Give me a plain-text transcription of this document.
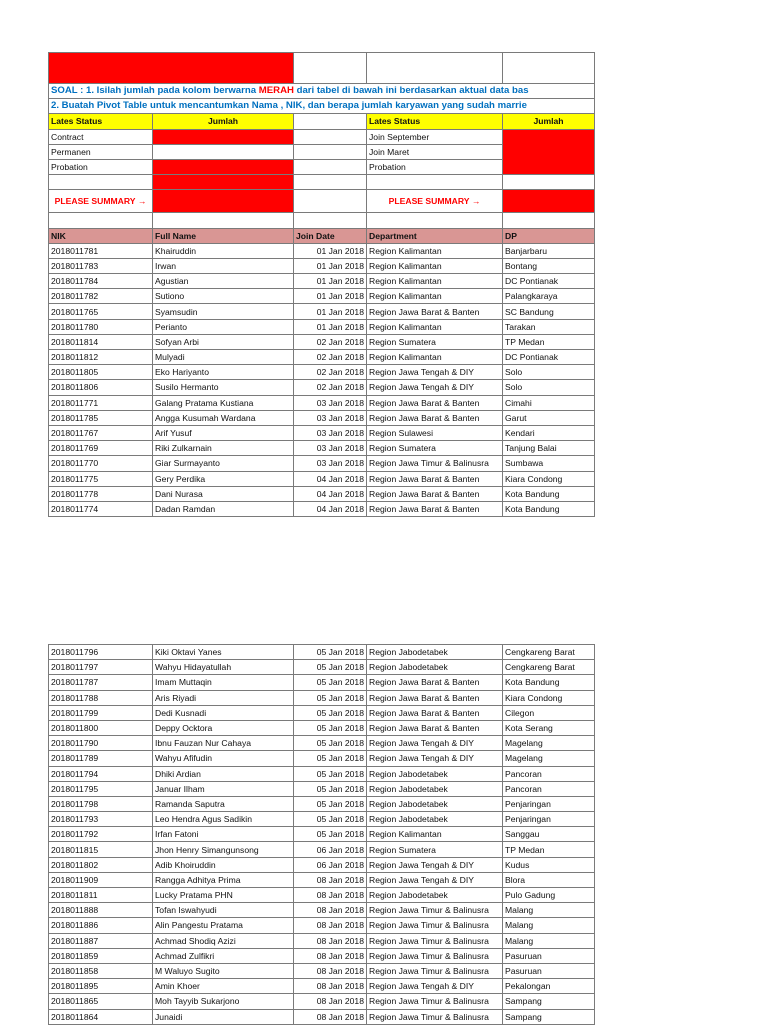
SOAL : 1. Isilah jumlah pada kolom berwarna MERAH dari tabel di bawah ini berdasarkan aktual data bas				
2. Buatah Pivot Table untuk mencantumkan Nama , NIK, dan berapa jumlah karyawan yang sudah marrie				
Lates Status	Jumlah		Lates Status	Jumlah
Contract			Join September	
Permanen			Join Maret	
Probation			Probation	

PLEASE SUMMARY →			PLEASE SUMMARY →	

NIK	Full Name	Join Date	Department	DP
2018011781	Khairuddin	01 Jan 2018	Region Kalimantan	Banjarbaru
2018011783	Irwan	01 Jan 2018	Region Kalimantan	Bontang
2018011784	Agustian	01 Jan 2018	Region Kalimantan	DC Pontianak
2018011782	Sutiono	01 Jan 2018	Region Kalimantan	Palangkaraya
2018011765	Syamsudin	01 Jan 2018	Region Jawa Barat & Banten	SC Bandung
2018011780	Perianto	01 Jan 2018	Region Kalimantan	Tarakan
2018011814	Sofyan Arbi	02 Jan 2018	Region Sumatera	TP Medan
2018011812	Mulyadi	02 Jan 2018	Region Kalimantan	DC Pontianak
2018011805	Eko Hariyanto	02 Jan 2018	Region Jawa Tengah & DIY	Solo
2018011806	Susilo Hermanto	02 Jan 2018	Region Jawa Tengah & DIY	Solo
2018011771	Galang Pratama Kustiana	03 Jan 2018	Region Jawa Barat & Banten	Cimahi
2018011785	Angga Kusumah Wardana	03 Jan 2018	Region Jawa Barat & Banten	Garut
2018011767	Arif Yusuf	03 Jan 2018	Region Sulawesi	Kendari
2018011769	Riki Zulkarnain	03 Jan 2018	Region Sumatera	Tanjung Balai
2018011770	Giar Surmayanto	03 Jan 2018	Region Jawa Timur & Balinusra	Sumbawa
2018011775	Gery Perdika	04 Jan 2018	Region Jawa Barat & Banten	Kiara Condong
2018011778	Dani Nurasa	04 Jan 2018	Region Jawa Barat & Banten	Kota Bandung
2018011774	Dadan Ramdan	04 Jan 2018	Region Jawa Barat & Banten	Kota Bandung
2018011796	Kiki Oktavi Yanes	05 Jan 2018	Region Jabodetabek	Cengkareng Barat
2018011797	Wahyu Hidayatullah	05 Jan 2018	Region Jabodetabek	Cengkareng Barat
2018011787	Imam Muttaqin	05 Jan 2018	Region Jawa Barat & Banten	Kota Bandung
2018011788	Aris Riyadi	05 Jan 2018	Region Jawa Barat & Banten	Kiara Condong
2018011799	Dedi Kusnadi	05 Jan 2018	Region Jawa Barat & Banten	Cilegon
2018011800	Deppy Ocktora	05 Jan 2018	Region Jawa Barat & Banten	Kota Serang
2018011790	Ibnu Fauzan Nur Cahaya	05 Jan 2018	Region Jawa Tengah & DIY	Magelang
2018011789	Wahyu Afifudin	05 Jan 2018	Region Jawa Tengah & DIY	Magelang
2018011794	Dhiki Ardian	05 Jan 2018	Region Jabodetabek	Pancoran
2018011795	Januar Ilham	05 Jan 2018	Region Jabodetabek	Pancoran
2018011798	Ramanda Saputra	05 Jan 2018	Region Jabodetabek	Penjaringan
2018011793	Leo Hendra Agus Sadikin	05 Jan 2018	Region Jabodetabek	Penjaringan
2018011792	Irfan Fatoni	05 Jan 2018	Region Kalimantan	Sanggau
2018011815	Jhon Henry Simangunsong	06 Jan 2018	Region Sumatera	TP Medan
2018011802	Adib Khoiruddin	06 Jan 2018	Region Jawa Tengah & DIY	Kudus
2018011909	Rangga Adhitya Prima	08 Jan 2018	Region Jawa Tengah & DIY	Blora
2018011811	Lucky Pratama PHN	08 Jan 2018	Region Jabodetabek	Pulo Gadung
2018011888	Tofan Iswahyudi	08 Jan 2018	Region Jawa Timur & Balinusra	Malang
2018011886	Alin Pangestu Pratama	08 Jan 2018	Region Jawa Timur & Balinusra	Malang
2018011887	Achmad Shodiq Azizi	08 Jan 2018	Region Jawa Timur & Balinusra	Malang
2018011859	Achmad Zulfikri	08 Jan 2018	Region Jawa Timur & Balinusra	Pasuruan
2018011858	M Waluyo Sugito	08 Jan 2018	Region Jawa Timur & Balinusra	Pasuruan
2018011895	Amin Khoer	08 Jan 2018	Region Jawa Tengah & DIY	Pekalongan
2018011865	Moh Tayyib Sukarjono	08 Jan 2018	Region Jawa Timur & Balinusra	Sampang
2018011864	Junaidi	08 Jan 2018	Region Jawa Timur & Balinusra	Sampang
